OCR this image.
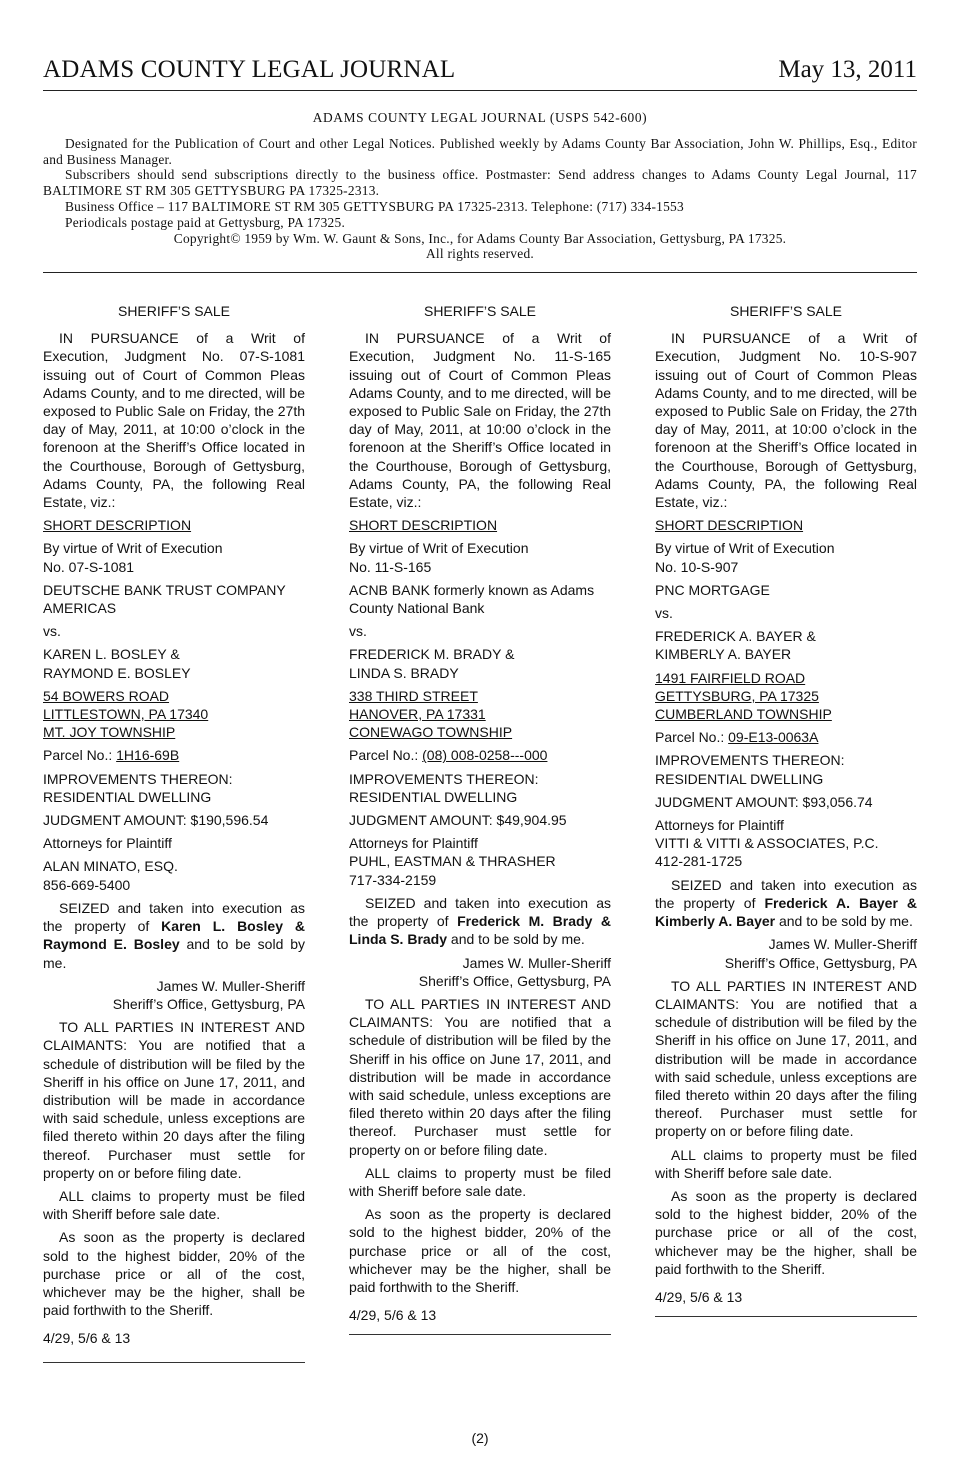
ADAMS COUNTY LEGAL JOURNAL	May 13, 2011
ADAMS COUNTY LEGAL JOURNAL (USPS 542-600)
Designated for the Publication of Court and other Legal Notices. Published weekly by Adams County Bar Association, John W. Phillips, Esq., Editor and Business Manager.
Subscribers should send subscriptions directly to the business office. Postmaster: Send address changes to Adams County Legal Journal, 117 BALTIMORE ST RM 305 GETTYSBURG PA 17325-2313.
Business Office – 117 BALTIMORE ST RM 305 GETTYSBURG PA 17325-2313. Telephone: (717) 334-1553
Periodicals postage paid at Gettysburg, PA 17325.
Copyright© 1959 by Wm. W. Gaunt & Sons, Inc., for Adams County Bar Association, Gettysburg, PA 17325.
All rights reserved.
SHERIFF’S SALE
IN PURSUANCE of a Writ of Execution, Judgment No. 07-S-1081 issuing out of Court of Common Pleas Adams County, and to me directed, will be exposed to Public Sale on Friday, the 27th day of May, 2011, at 10:00 o’clock in the forenoon at the Sheriff’s Office located in the Courthouse, Borough of Gettysburg, Adams County, PA, the following Real Estate, viz.:
SHORT DESCRIPTION
By virtue of Writ of Execution
No. 07-S-1081
DEUTSCHE BANK TRUST COMPANY
AMERICAS
vs.
KAREN L. BOSLEY &
RAYMOND E. BOSLEY
54 BOWERS ROAD
LITTLESTOWN, PA 17340
MT. JOY TOWNSHIP
Parcel No.: 1H16-69B
IMPROVEMENTS THEREON:
RESIDENTIAL DWELLING
JUDGMENT AMOUNT: $190,596.54
Attorneys for Plaintiff
ALAN MINATO, ESQ.
856-669-5400
SEIZED and taken into execution as the property of Karen L. Bosley & Raymond E. Bosley and to be sold by me.
James W. Muller-Sheriff
Sheriff’s Office, Gettysburg, PA
TO ALL PARTIES IN INTEREST AND CLAIMANTS: You are notified that a schedule of distribution will be filed by the Sheriff in his office on June 17, 2011, and distribution will be made in accordance with said schedule, unless exceptions are filed thereto within 20 days after the filing thereof. Purchaser must settle for property on or before filing date.
ALL claims to property must be filed with Sheriff before sale date.
As soon as the property is declared sold to the highest bidder, 20% of the purchase price or all of the cost, whichever may be the higher, shall be paid forthwith to the Sheriff.
4/29, 5/6 & 13
SHERIFF’S SALE
IN PURSUANCE of a Writ of Execution, Judgment No. 11-S-165 issuing out of Court of Common Pleas Adams County, and to me directed, will be exposed to Public Sale on Friday, the 27th day of May, 2011, at 10:00 o’clock in the forenoon at the Sheriff’s Office located in the Courthouse, Borough of Gettysburg, Adams County, PA, the following Real Estate, viz.:
SHORT DESCRIPTION
By virtue of Writ of Execution
No. 11-S-165
ACNB BANK formerly known as Adams
County National Bank
vs.
FREDERICK M. BRADY &
LINDA S. BRADY
338 THIRD STREET
HANOVER, PA 17331
CONEWAGO TOWNSHIP
Parcel No.: (08) 008-0258---000
IMPROVEMENTS THEREON:
RESIDENTIAL DWELLING
JUDGMENT AMOUNT: $49,904.95
Attorneys for Plaintiff
PUHL, EASTMAN & THRASHER
717-334-2159
SEIZED and taken into execution as the property of Frederick M. Brady & Linda S. Brady and to be sold by me.
James W. Muller-Sheriff
Sheriff’s Office, Gettysburg, PA
TO ALL PARTIES IN INTEREST AND CLAIMANTS: You are notified that a schedule of distribution will be filed by the Sheriff in his office on June 17, 2011, and distribution will be made in accordance with said schedule, unless exceptions are filed thereto within 20 days after the filing thereof. Purchaser must settle for property on or before filing date.
ALL claims to property must be filed with Sheriff before sale date.
As soon as the property is declared sold to the highest bidder, 20% of the purchase price or all of the cost, whichever may be the higher, shall be paid forthwith to the Sheriff.
4/29, 5/6 & 13
SHERIFF’S SALE
IN PURSUANCE of a Writ of Execution, Judgment No. 10-S-907 issuing out of Court of Common Pleas Adams County, and to me directed, will be exposed to Public Sale on Friday, the 27th day of May, 2011, at 10:00 o’clock in the forenoon at the Sheriff’s Office located in the Courthouse, Borough of Gettysburg, Adams County, PA, the following Real Estate, viz.:
SHORT DESCRIPTION
By virtue of Writ of Execution
No. 10-S-907
PNC MORTGAGE
vs.
FREDERICK A. BAYER &
KIMBERLY A. BAYER
1491 FAIRFIELD ROAD
GETTYSBURG, PA 17325
CUMBERLAND TOWNSHIP
Parcel No.: 09-E13-0063A
IMPROVEMENTS THEREON:
RESIDENTIAL DWELLING
JUDGMENT AMOUNT: $93,056.74
Attorneys for Plaintiff
VITTI & VITTI & ASSOCIATES, P.C.
412-281-1725
SEIZED and taken into execution as the property of Frederick A. Bayer & Kimberly A. Bayer and to be sold by me.
James W. Muller-Sheriff
Sheriff’s Office, Gettysburg, PA
TO ALL PARTIES IN INTEREST AND CLAIMANTS: You are notified that a schedule of distribution will be filed by the Sheriff in his office on June 17, 2011, and distribution will be made in accordance with said schedule, unless exceptions are filed thereto within 20 days after the filing thereof. Purchaser must settle for property on or before filing date.
ALL claims to property must be filed with Sheriff before sale date.
As soon as the property is declared sold to the highest bidder, 20% of the purchase price or all of the cost, whichever may be the higher, shall be paid forthwith to the Sheriff.
4/29, 5/6 & 13
(2)
